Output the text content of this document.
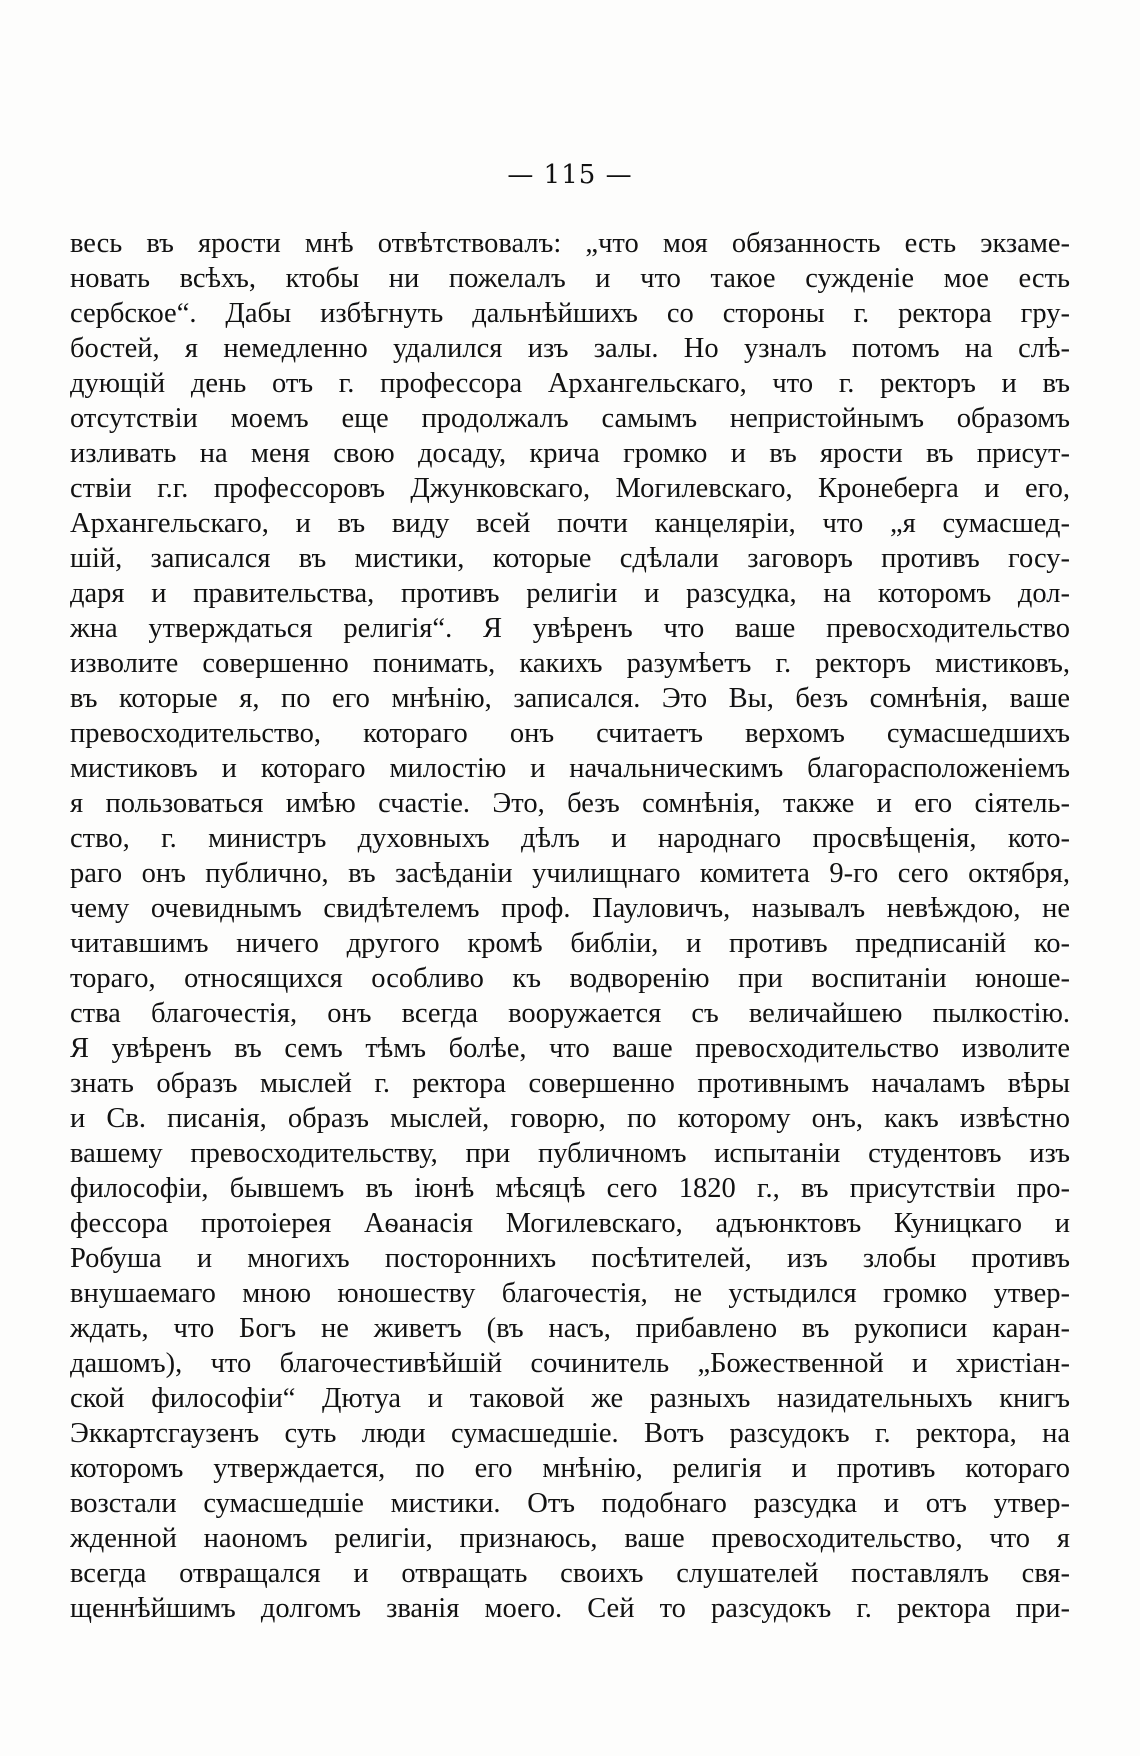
— 115 —
весь въ ярости мнѣ отвѣтствовалъ: „что моя обязанность есть экзаме-
новать всѣхъ, ктобы ни пожелалъ и что такое сужденіе мое есть
сербское“. Дабы избѣгнуть дальнѣйшихъ со стороны г. ректора гру-
бостей, я немедленно удалился изъ залы. Но узналъ потомъ на слѣ-
дующій день отъ г. профессора Архангельскаго, что г. ректоръ и въ
отсутствіи моемъ еще продолжалъ самымъ непристойнымъ образомъ
изливать на меня свою досаду, крича громко и въ ярости въ присут-
ствіи г.г. профессоровъ Джунковскаго, Могилевскаго, Кронеберга и его,
Архангельскаго, и въ виду всей почти канцеляріи, что „я сумасшед-
шій, записался въ мистики, которые сдѣлали заговоръ противъ госу-
даря и правительства, противъ религіи и разсудка, на которомъ дол-
жна утверждаться религія“. Я увѣренъ что ваше превосходительство
изволите совершенно понимать, какихъ разумѣетъ г. ректоръ мистиковъ,
въ которые я, по его мнѣнію, записался. Это Вы, безъ сомнѣнія, ваше
превосходительство, котораго онъ считаетъ верхомъ сумасшедшихъ
мистиковъ и котораго милостію и начальническимъ благорасположеніемъ
я пользоваться имѣю счастіе. Это, безъ сомнѣнія, также и его сіятель-
ство, г. министръ духовныхъ дѣлъ и народнаго просвѣщенія, кото-
раго онъ публично, въ засѣданіи училищнаго комитета 9-го сего октября,
чему очевиднымъ свидѣтелемъ проф. Пауловичъ, называлъ невѣждою, не
читавшимъ ничего другого кромѣ библіи, и противъ предписаній ко-
тораго, относящихся особливо къ водворенію при воспитаніи юноше-
ства благочестія, онъ всегда вооружается съ величайшею пылкостію.
Я увѣренъ въ семъ тѣмъ болѣе, что ваше превосходительство изволите
знать образъ мыслей г. ректора совершенно противнымъ началамъ вѣры
и Св. писанія, образъ мыслей, говорю, по которому онъ, какъ извѣстно
вашему превосходительству, при публичномъ испытаніи студентовъ изъ
философіи, бывшемъ въ іюнѣ мѣсяцѣ сего 1820 г., въ присутствіи про-
фессора протоіерея Аѳанасія Могилевскаго, адъюнктовъ Куницкаго и
Робуша и многихъ постороннихъ посѣтителей, изъ злобы противъ
внушаемаго мною юношеству благочестія, не устыдился громко утвер-
ждать, что Богъ не живетъ (въ насъ, прибавлено въ рукописи каран-
дашомъ), что благочестивѣйшій сочинитель „Божественной и христіан-
ской философіи“ Дютуа и таковой же разныхъ назидательныхъ книгъ
Эккартсгаузенъ суть люди сумасшедшіе. Вотъ разсудокъ г. ректора, на
которомъ утверждается, по его мнѣнію, религія и противъ котораго
возстали сумасшедшіе мистики. Отъ подобнаго разсудка и отъ утвер-
жденной наономъ религіи, признаюсь, ваше превосходительство, что я
всегда отвращался и отвращать своихъ слушателей поставлялъ свя-
щеннѣйшимъ долгомъ званія моего. Сей то разсудокъ г. ректора при-
